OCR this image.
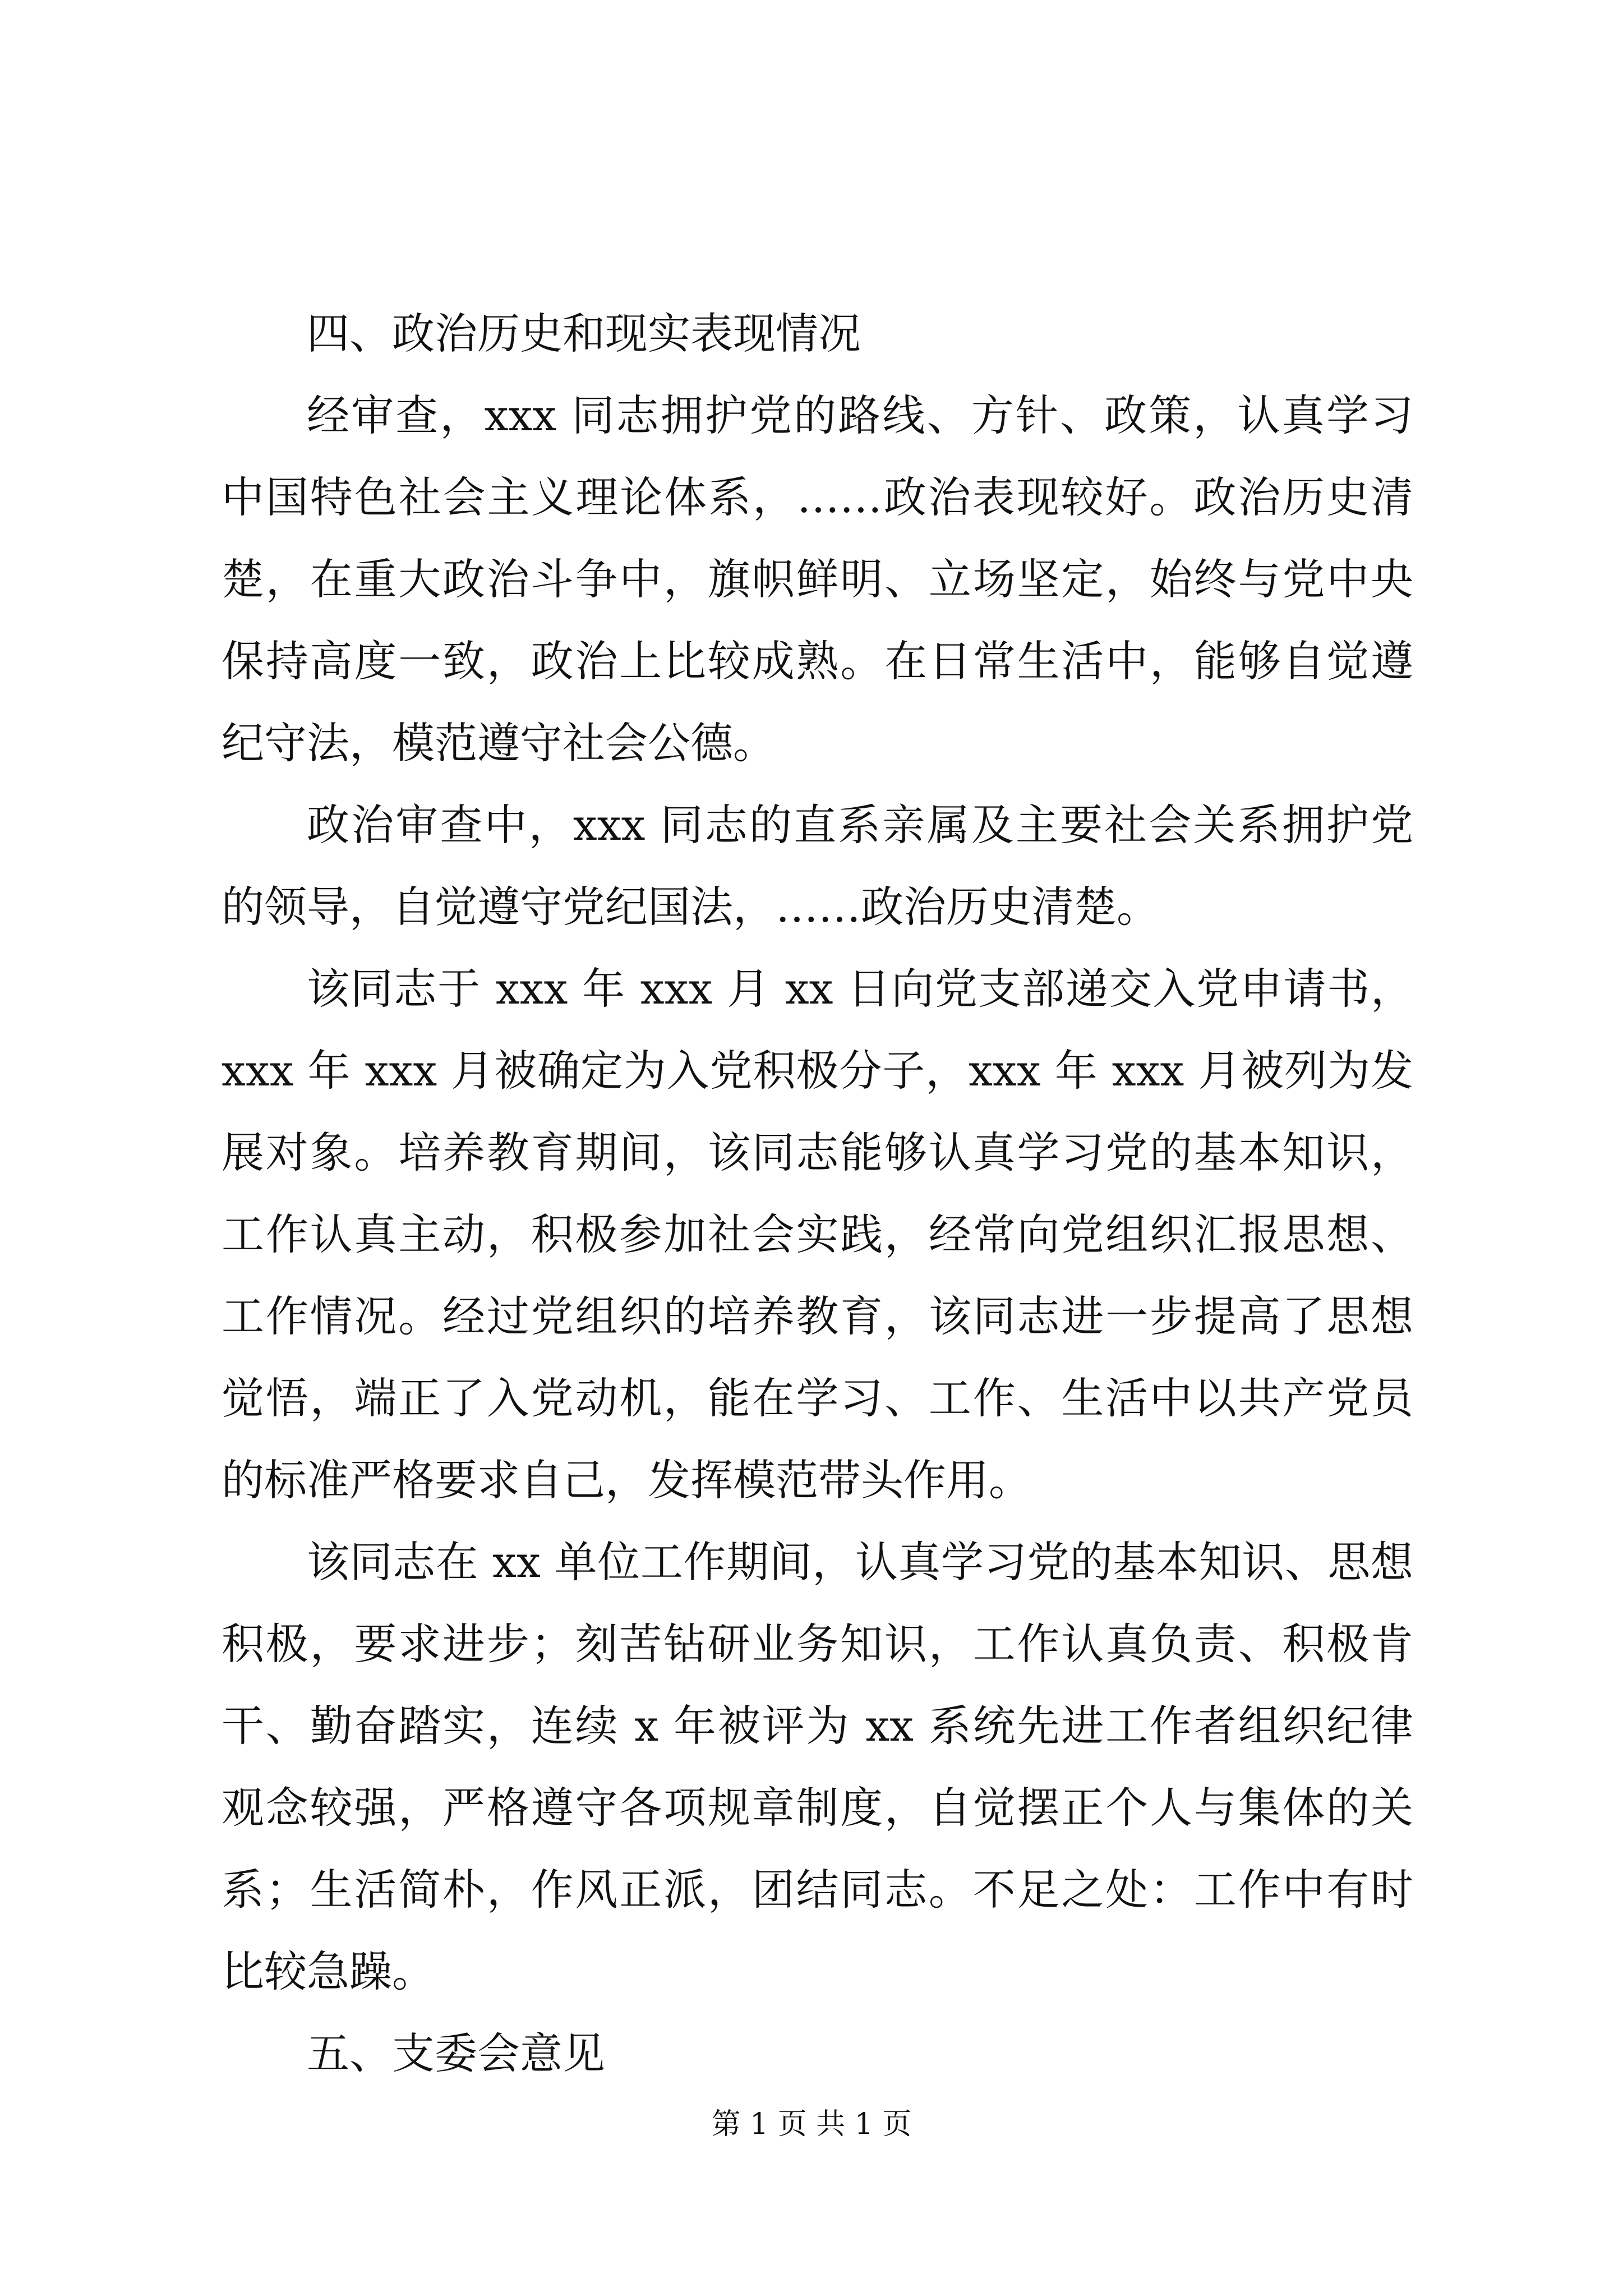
四、政治历史和现实表现情况

经审查，xxx 同志拥护党的路线、方针、政策，认真学习中国特色社会主义理论体系，……政治表现较好。政治历史清楚，在重大政治斗争中，旗帜鲜明、立场坚定，始终与党中央保持高度一致，政治上比较成熟。在日常生活中，能够自觉遵纪守法，模范遵守社会公德。

政治审查中，xxx 同志的直系亲属及主要社会关系拥护党的领导，自觉遵守党纪国法，……政治历史清楚。

该同志于 xxx 年 xxx 月 xx 日向党支部递交入党申请书，xxx 年 xxx 月被确定为入党积极分子，xxx 年 xxx 月被列为发展对象。培养教育期间，该同志能够认真学习党的基本知识，工作认真主动，积极参加社会实践，经常向党组织汇报思想、工作情况。经过党组织的培养教育，该同志进一步提高了思想觉悟，端正了入党动机，能在学习、工作、生活中以共产党员的标准严格要求自己，发挥模范带头作用。

该同志在 xx 单位工作期间，认真学习党的基本知识、思想积极，要求进步；刻苦钻研业务知识，工作认真负责、积极肯干、勤奋踏实，连续 x 年被评为 xx 系统先进工作者组织纪律观念较强，严格遵守各项规章制度，自觉摆正个人与集体的关系；生活简朴，作风正派，团结同志。不足之处：工作中有时比较急躁。

五、支委会意见

第 1 页 共 1 页
